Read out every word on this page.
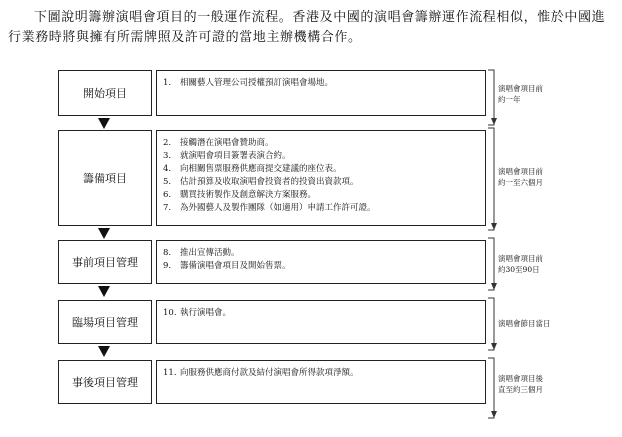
下圖說明籌辦演唱會項目的一般運作流程。香港及中國的演唱會籌辦運作流程相似，惟於中國進行業務時將與擁有所需牌照及許可證的當地主辦機構合作。

開始項目
1.	相關藝人管理公司授權預訂演唱會場地。
演唱會項目前
約一年
籌備項目
2.	接觸潛在演唱會贊助商。
3.	就演唱會項目簽署表演合約。
4.	向相關售票服務供應商提交建議的座位表。
5.	估計預算及收取演唱會投資者的投資出資款項。
6.	購買技術製作及創意解決方案服務。
7.	為外國藝人及製作團隊（如適用）申請工作許可證。
演唱會項目前
約一至六個月
事前項目管理
8.	推出宣傳活動。
9.	籌備演唱會項目及開始售票。
演唱會項目前
約30至90日
臨場項目管理
10. 執行演唱會。
演唱會節目當日
事後項目管理
11. 向服務供應商付款及結付演唱會所得款項淨額。
演唱會項目後
直至約三個月
